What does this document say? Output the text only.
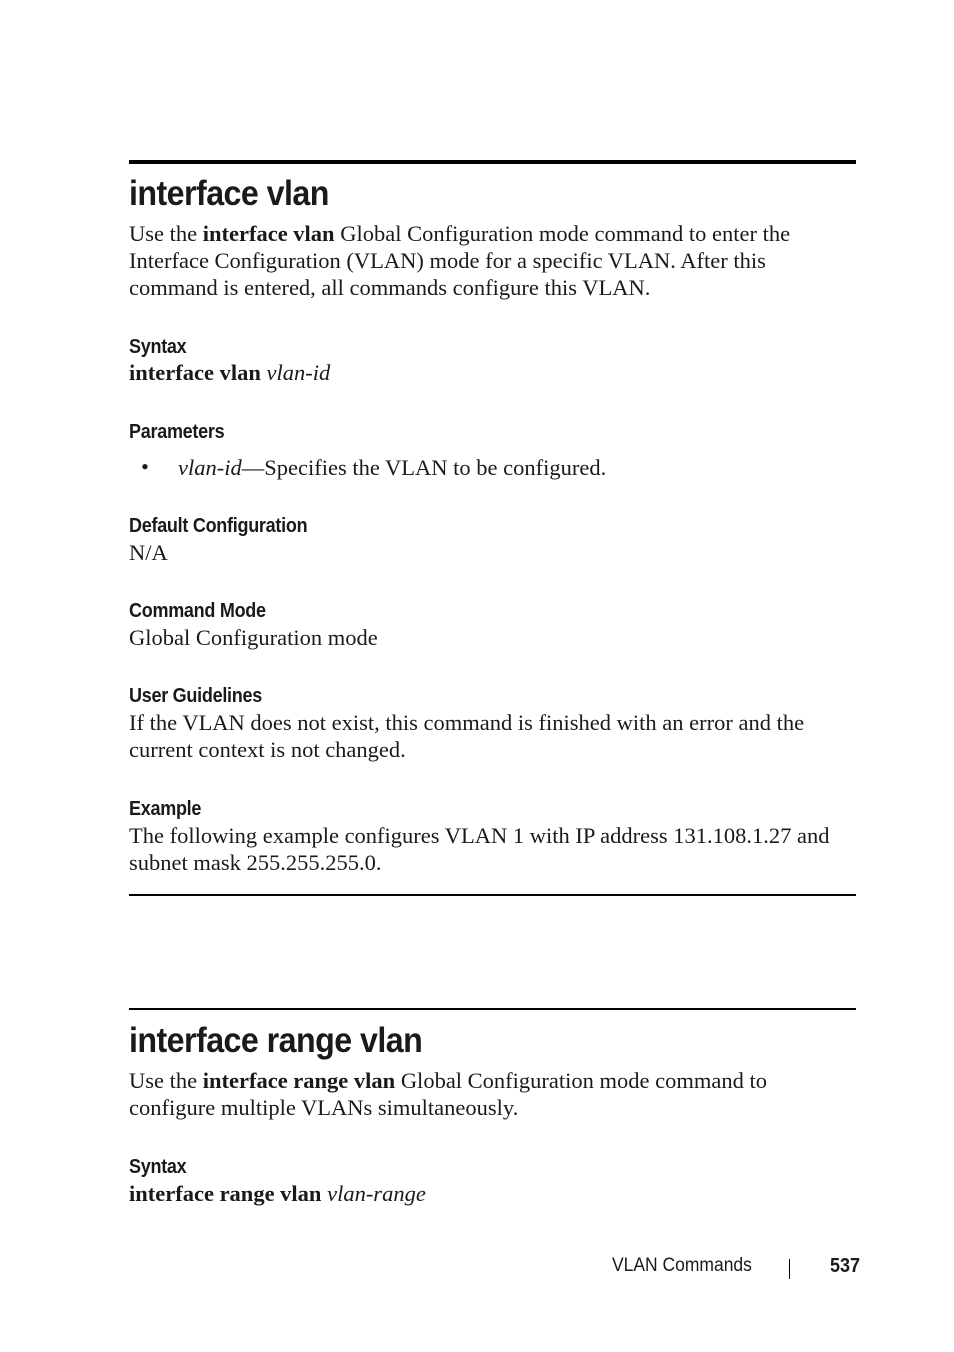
interface vlan

Use the interface vlan Global Configuration mode command to enter the Interface Configuration (VLAN) mode for a specific VLAN. After this command is entered, all commands configure this VLAN.

Syntax

interface vlan vlan-id

Parameters
• vlan-id—Specifies the VLAN to be configured.

Default Configuration

N/A

Command Mode

Global Configuration mode

User Guidelines

If the VLAN does not exist, this command is finished with an error and the current context is not changed.

Example

The following example configures VLAN 1 with IP address 131.108.1.27 and subnet mask 255.255.255.0.

interface range vlan

Use the interface range vlan Global Configuration mode command to configure multiple VLANs simultaneously.

Syntax

interface range vlan vlan-range

VLAN Commands	537
